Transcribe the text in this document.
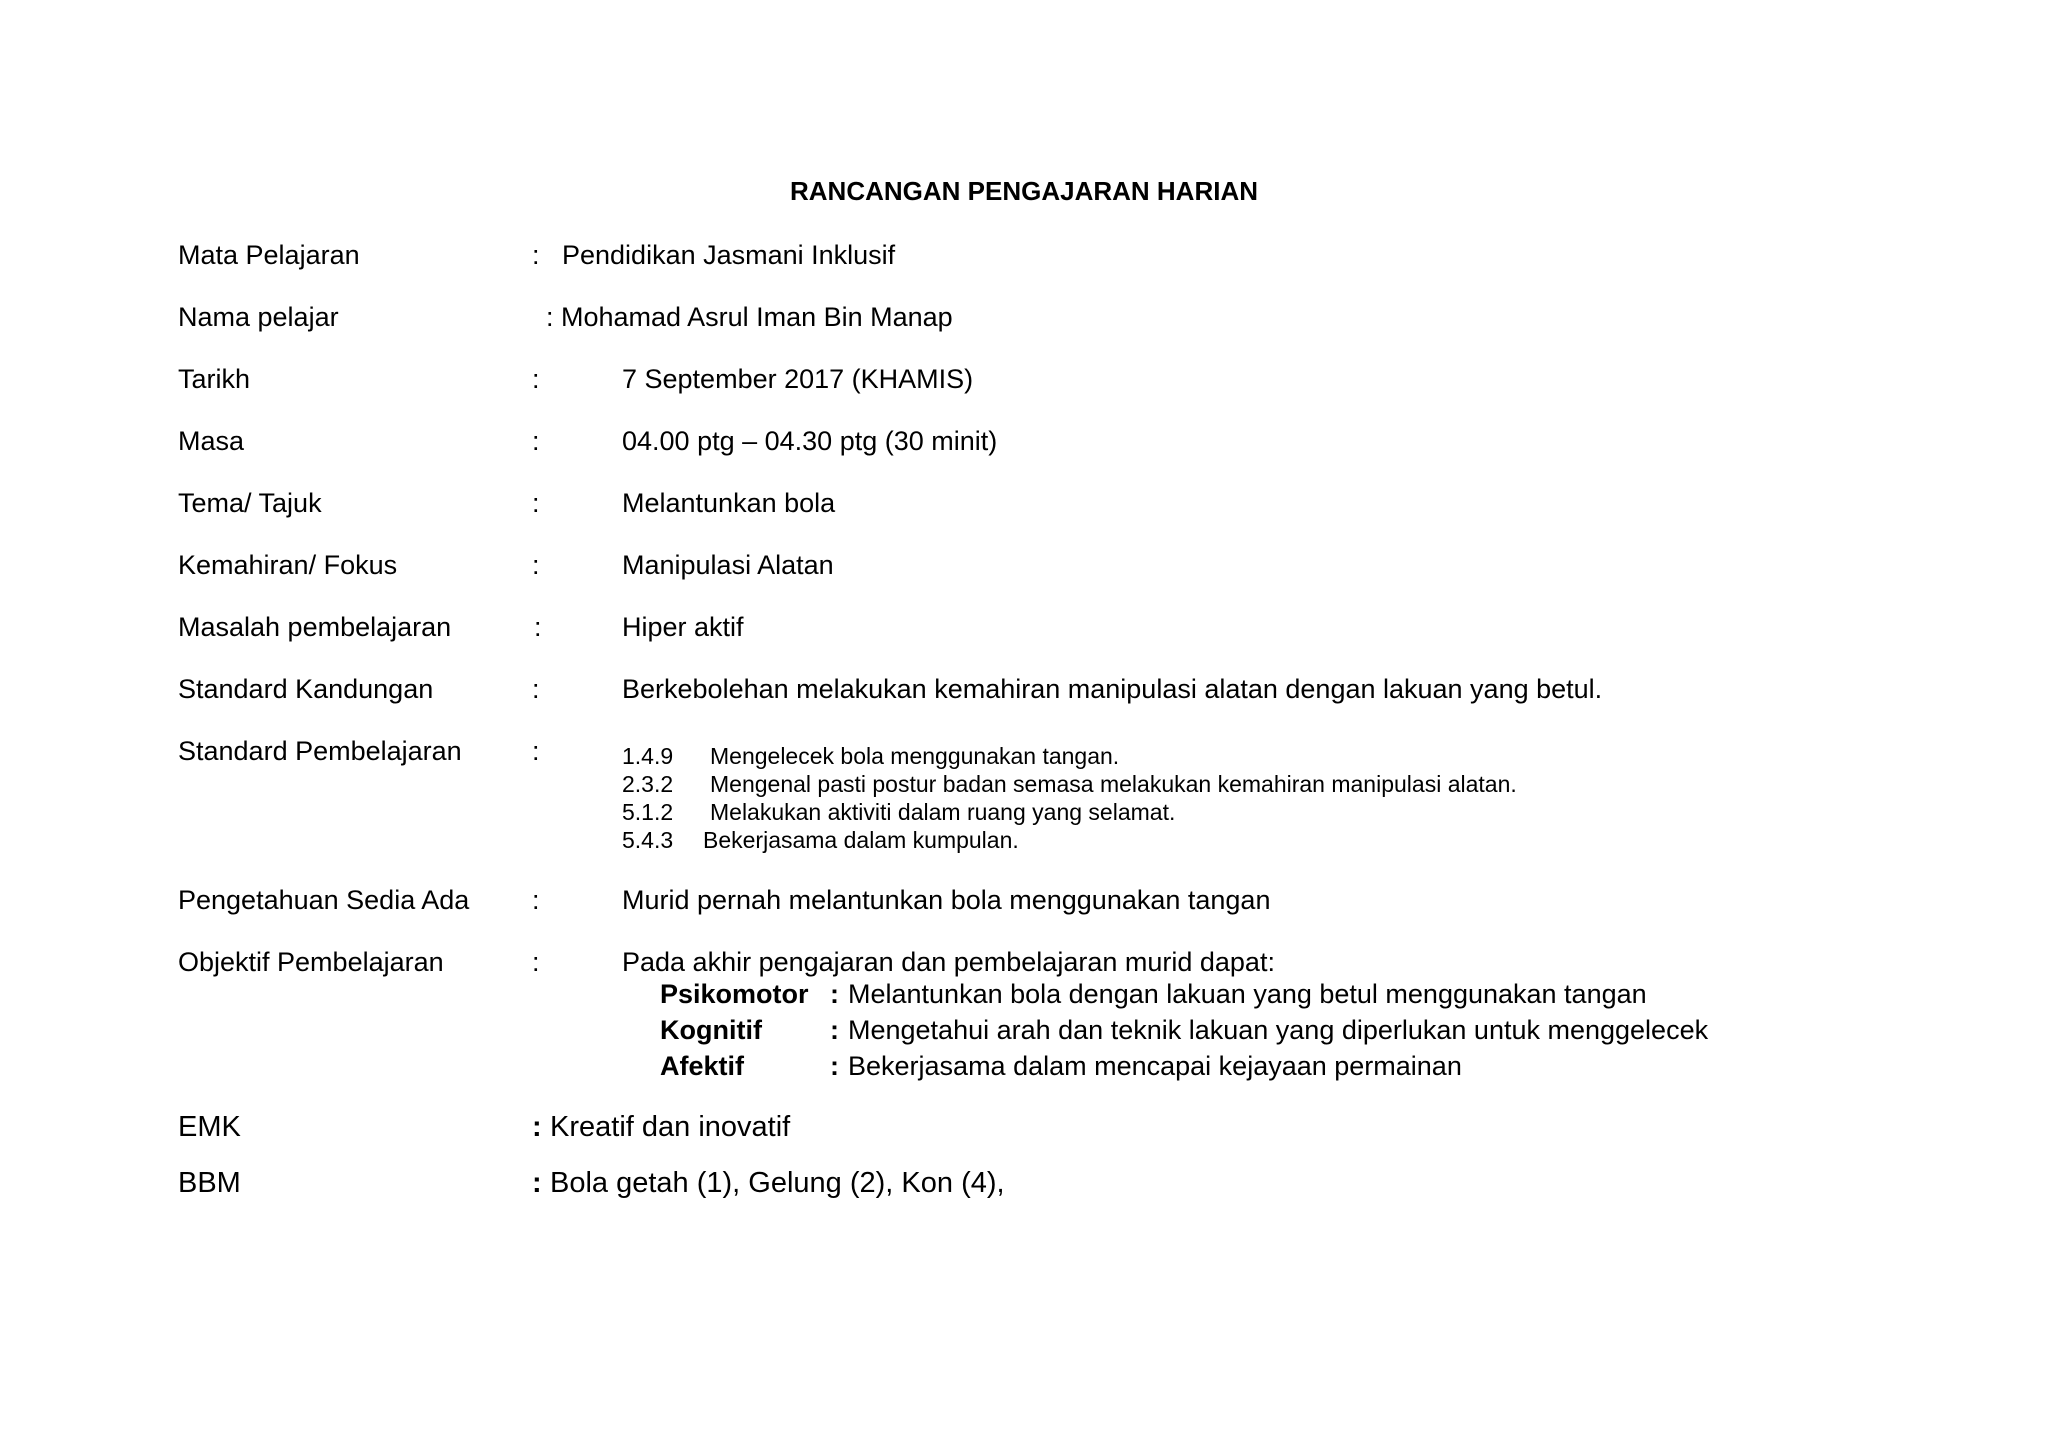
RANCANGAN PENGAJARAN HARIAN
Mata Pelajaran	: Pendidikan Jasmani Inklusif
Nama pelajar	: Mohamad Asrul Iman Bin Manap
Tarikh	:	7 September 2017 (KHAMIS)
Masa	:	04.00 ptg – 04.30 ptg (30 minit)
Tema/ Tajuk	:	Melantunkan bola
Kemahiran/ Fokus	:	Manipulasi Alatan
Masalah pembelajaran	:	Hiper aktif
Standard Kandungan	:	Berkebolehan melakukan kemahiran manipulasi alatan dengan lakuan yang betul.
Standard Pembelajaran	:	1.4.9 Mengelecek bola menggunakan tangan.
2.3.2 Mengenal pasti postur badan semasa melakukan kemahiran manipulasi alatan.
5.1.2 Melakukan aktiviti dalam ruang yang selamat.
5.4.3 Bekerjasama dalam kumpulan.
Pengetahuan Sedia Ada :	Murid pernah melantunkan bola menggunakan tangan
Objektif Pembelajaran	:	Pada akhir pengajaran dan pembelajaran murid dapat:
Psikomotor : Melantunkan bola dengan lakuan yang betul menggunakan tangan
Kognitif	: Mengetahui arah dan teknik lakuan yang diperlukan untuk menggelecek
Afektif	: Bekerjasama dalam mencapai kejayaan permainan
EMK	: Kreatif dan inovatif
BBM	: Bola getah (1), Gelung (2), Kon (4),
